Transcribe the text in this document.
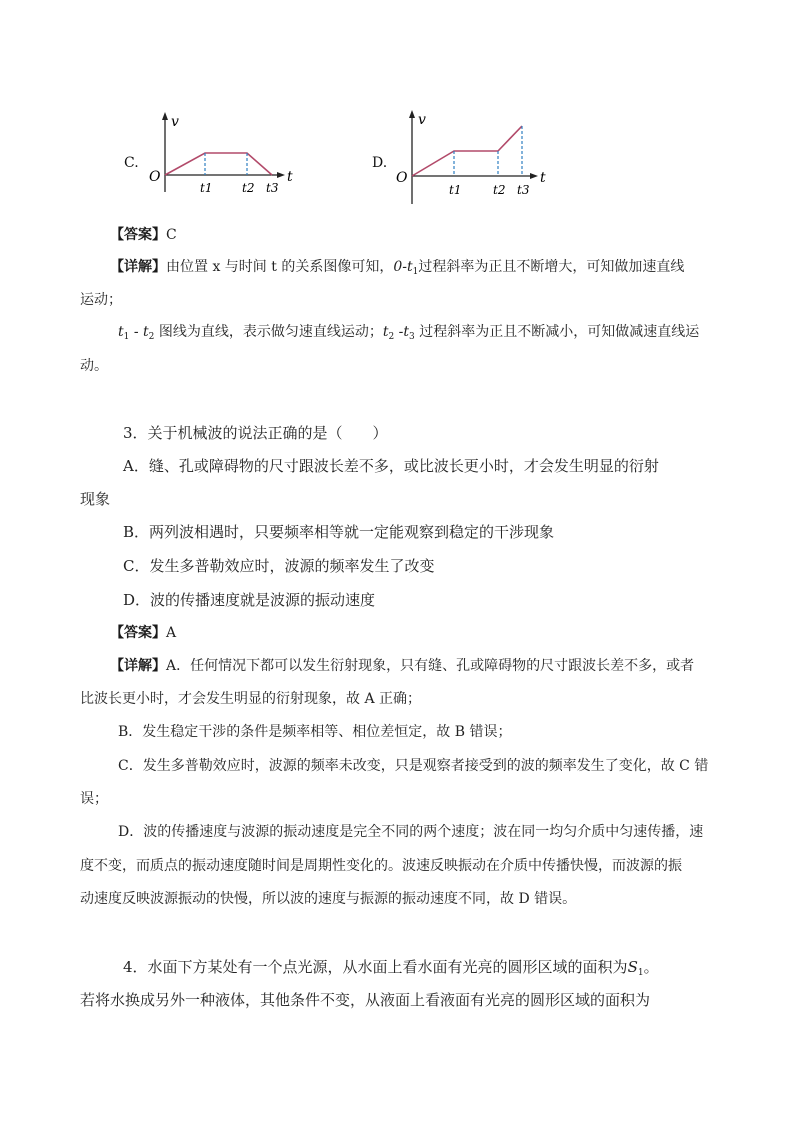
C.
v
t
O
t1 t2 t3
D.
v
t
O
t1	t2 t3
【答案】C
【详解】由位置 x 与时间 t 的关系图像可知，$0-t_1$过程斜率为正且不断增大，可知做加速直线
运动；
$t_1 - t_2$ 图线为直线，表示做匀速直线运动；$t_2$ $-t_3$ 过程斜率为正且不断减小，可知做减速直线运
动。
3．关于机械波的说法正确的是（　　）
A．缝、孔或障碍物的尺寸跟波长差不多，或比波长更小时，才会发生明显的衍射
现象
B．两列波相遇时，只要频率相等就一定能观察到稳定的干涉现象
C．发生多普勒效应时，波源的频率发生了改变
D．波的传播速度就是波源的振动速度
【答案】A
【详解】A．任何情况下都可以发生衍射现象，只有缝、孔或障碍物的尺寸跟波长差不多，或者
比波长更小时，才会发生明显的衍射现象，故 A 正确；
B．发生稳定干涉的条件是频率相等、相位差恒定，故 B 错误；
C．发生多普勒效应时，波源的频率未改变，只是观察者接受到的波的频率发生了变化，故 C 错
误；
D．波的传播速度与波源的振动速度是完全不同的两个速度；波在同一均匀介质中匀速传播，速
度不变，而质点的振动速度随时间是周期性变化的。波速反映振动在介质中传播快慢，而波源的振
动速度反映波源振动的快慢，所以波的速度与振源的振动速度不同，故 D 错误。
4．水面下方某处有一个点光源，从水面上看水面有光亮的圆形区域的面积为$S_1$。
若将水换成另外一种液体，其他条件不变，从液面上看液面有光亮的圆形区域的面积为
